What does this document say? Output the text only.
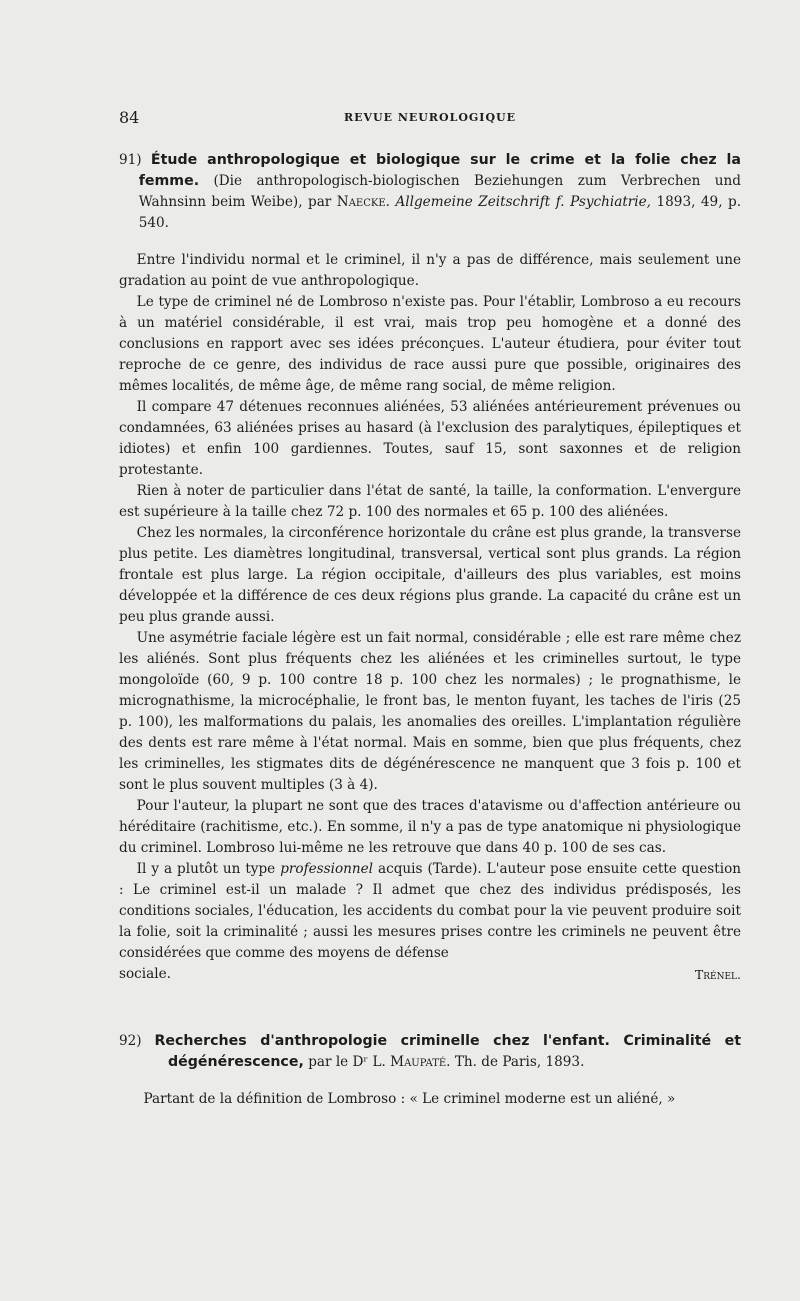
84	REVUE NEUROLOGIQUE

91) Étude anthropologique et biologique sur le crime et la folie chez la femme. (Die anthropologisch-biologischen Beziehungen zum Verbrechen und Wahnsinn beim Weibe), par Naecke. Allgemeine Zeitschrift f. Psychiatrie, 1893, 49, p. 540.

Entre l'individu normal et le criminel, il n'y a pas de différence, mais seulement une gradation au point de vue anthropologique.

Le type de criminel né de Lombroso n'existe pas. Pour l'établir, Lombroso a eu recours à un matériel considérable, il est vrai, mais trop peu homogène et a donné des conclusions en rapport avec ses idées préconçues. L'auteur étudiera, pour éviter tout reproche de ce genre, des individus de race aussi pure que possible, originaires des mêmes localités, de même âge, de même rang social, de même religion.

Il compare 47 détenues reconnues aliénées, 53 aliénées antérieurement prévenues ou condamnées, 63 aliénées prises au hasard (à l'exclusion des paralytiques, épileptiques et idiotes) et enfin 100 gardiennes. Toutes, sauf 15, sont saxonnes et de religion protestante.

Rien à noter de particulier dans l'état de santé, la taille, la conformation. L'envergure est supérieure à la taille chez 72 p. 100 des normales et 65 p. 100 des aliénées.

Chez les normales, la circonférence horizontale du crâne est plus grande, la transverse plus petite. Les diamètres longitudinal, transversal, vertical sont plus grands. La région frontale est plus large. La région occipitale, d'ailleurs des plus variables, est moins développée et la différence de ces deux régions plus grande. La capacité du crâne est un peu plus grande aussi.

Une asymétrie faciale légère est un fait normal, considérable ; elle est rare même chez les aliénés. Sont plus fréquents chez les aliénées et les criminelles surtout, le type mongoloïde (60, 9 p. 100 contre 18 p. 100 chez les normales) ; le prognathisme, le micrognathisme, la microcéphalie, le front bas, le menton fuyant, les taches de l'iris (25 p. 100), les malformations du palais, les anomalies des oreilles. L'implantation régulière des dents est rare même à l'état normal. Mais en somme, bien que plus fréquents, chez les criminelles, les stigmates dits de dégénérescence ne manquent que 3 fois p. 100 et sont le plus souvent multiples (3 à 4).

Pour l'auteur, la plupart ne sont que des traces d'atavisme ou d'affection antérieure ou héréditaire (rachitisme, etc.). En somme, il n'y a pas de type anatomique ni physiologique du criminel. Lombroso lui-même ne les retrouve que dans 40 p. 100 de ses cas.

Il y a plutôt un type professionnel acquis (Tarde). L'auteur pose ensuite cette question : Le criminel est-il un malade ? Il admet que chez des individus prédisposés, les conditions sociales, l'éducation, les accidents du combat pour la vie peuvent produire soit la folie, soit la criminalité ; aussi les mesures prises contre les criminels ne peuvent être considérées que comme des moyens de défense

sociale.	Trénel.

92) Recherches d'anthropologie criminelle chez l'enfant. Criminalité et dégénérescence, par le Dʳ L. Maupaté. Th. de Paris, 1893.

Partant de la définition de Lombroso : « Le criminel moderne est un aliéné, »
